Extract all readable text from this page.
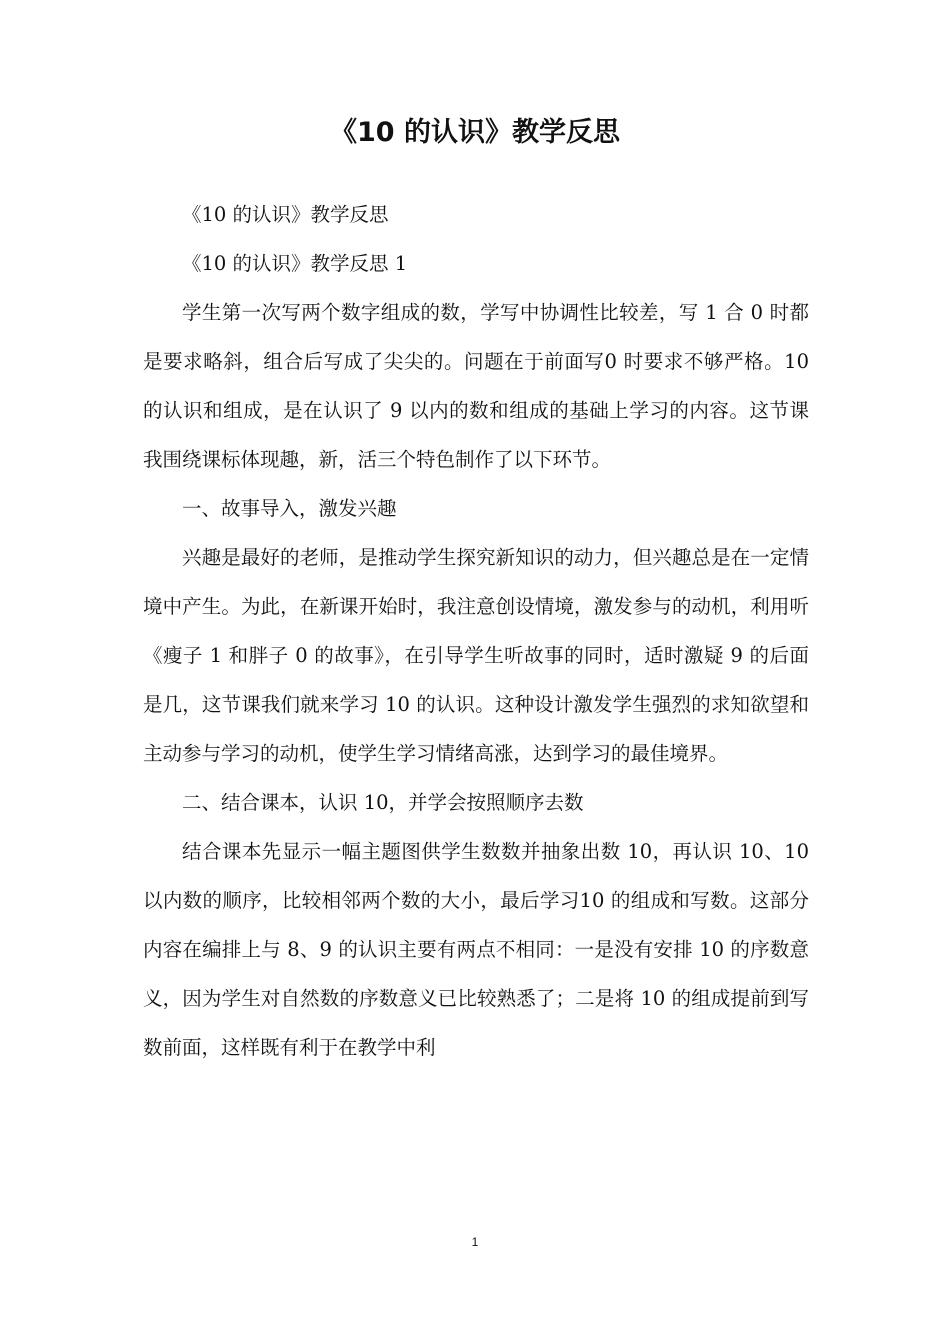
《10 的认识》教学反思

《10 的认识》教学反思

《10 的认识》教学反思 1

学生第一次写两个数字组成的数，学写中协调性比较差，写 1 合 0 时都是要求略斜，组合后写成了尖尖的。问题在于前面写0 时要求不够严格。10 的认识和组成，是在认识了 9 以内的数和组成的基础上学习的内容。这节课我围绕课标体现趣，新，活三个特色制作了以下环节。

一、故事导入，激发兴趣

兴趣是最好的老师，是推动学生探究新知识的动力，但兴趣总是在一定情境中产生。为此，在新课开始时，我注意创设情境，激发参与的动机，利用听《瘦子 1 和胖子 0 的故事》，在引导学生听故事的同时，适时激疑 9 的后面是几，这节课我们就来学习 10 的认识。这种设计激发学生强烈的求知欲望和主动参与学习的动机，使学生学习情绪高涨，达到学习的最佳境界。

二、结合课本，认识 10，并学会按照顺序去数

结合课本先显示一幅主题图供学生数数并抽象出数 10，再认识 10、10 以内数的顺序，比较相邻两个数的大小，最后学习10 的组成和写数。这部分内容在编排上与 8、9 的认识主要有两点不相同：一是没有安排 10 的序数意义，因为学生对自然数的序数意义已比较熟悉了；二是将 10 的组成提前到写数前面，这样既有利于在教学中利

1
